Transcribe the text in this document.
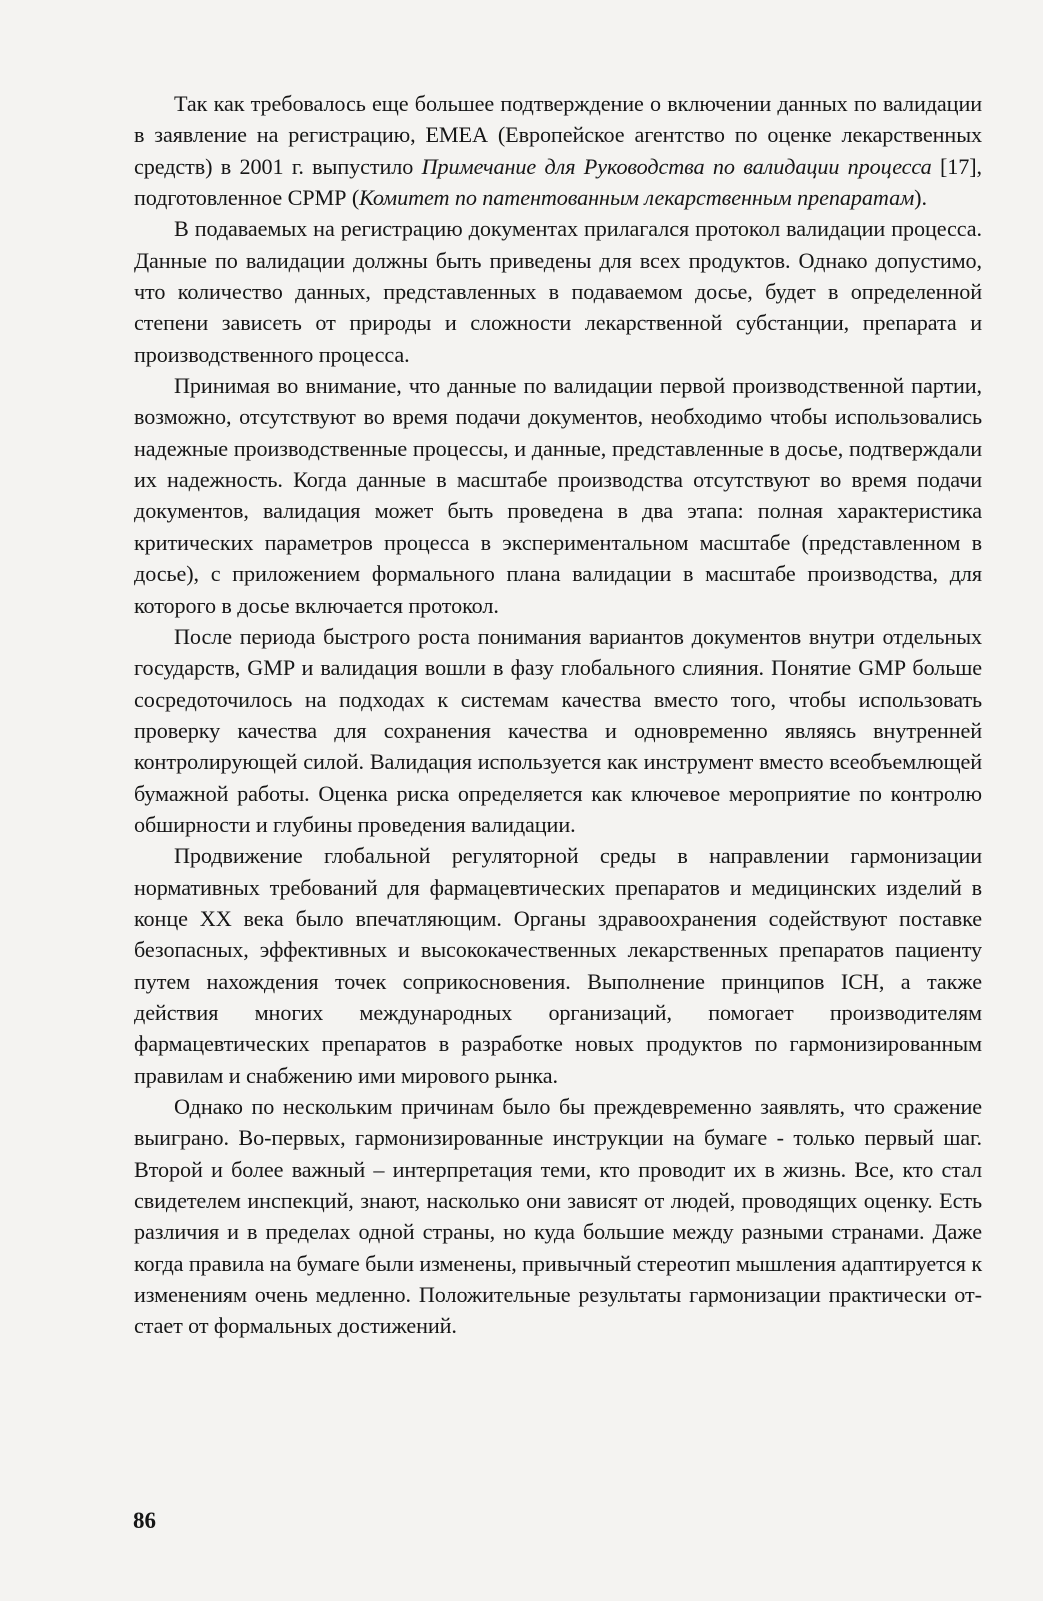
Так как требовалось еще большее подтверждение о включении данных по валидации в заявление на регистрацию, ЕМЕА (Европейское агентство по оценке лекарственных средств) в 2001 г. выпустило Примечание для Руководства по валидации процесса [17], подготовленное СРМР (Комитет по патентованным лекарственным препаратам).

В подаваемых на регистрацию документах прилагался протокол валидации процесса. Данные по валидации должны быть приведены для всех продуктов. Однако допустимо, что количество данных, представленных в подаваемом досье, будет в определенной степени зависеть от природы и сложности лекарственной субстанции, препарата и производственного процесса.

Принимая во внимание, что данные по валидации первой производственной партии, возможно, отсутствуют во время подачи документов, необходимо чтобы использовались надежные производственные процессы, и данные, представленные в досье, подтверждали их надежность. Когда данные в масштабе производства отсутствуют во время подачи документов, валидация может быть проведена в два этапа: полная характеристика критических параметров процесса в экспериментальном масштабе (представленном в досье), с приложением формального плана валидации в масштабе производства, для которого в досье включается протокол.

После периода быстрого роста понимания вариантов документов внутри отдельных государств, GMP и валидация вошли в фазу глобального слияния. Понятие GMP больше сосредоточилось на подходах к системам качества вместо того, чтобы использовать проверку качества для сохранения качества и одновременно являясь внутренней контролирующей силой. Валидация используется как инструмент вместо всеобъемлющей бумажной работы. Оценка риска определяется как ключевое мероприятие по контролю обширности и глубины проведения валидации.

Продвижение глобальной регуляторной среды в направлении гармонизации нормативных требований для фармацевтических препаратов и медицинских изделий в конце XX века было впечатляющим. Органы здравоохранения содействуют поставке безопасных, эффективных и высококачественных лекарственных препаратов пациенту путем нахождения точек соприкосновения. Выполнение принципов ICH, а также действия многих международных организаций, помогает производителям фармацевтических препаратов в разработке новых продуктов по гармонизированным правилам и снабжению ими мирового рынка.

Однако по нескольким причинам было бы преждевременно заявлять, что сражение выиграно. Во-первых, гармонизированные инструкции на бумаге - только первый шаг. Второй и более важный – интерпретация теми, кто проводит их в жизнь. Все, кто стал свидетелем инспекций, знают, насколько они зависят от людей, проводящих оценку. Есть различия и в пределах одной страны, но куда большие между разными странами. Даже когда правила на бумаге были изменены, привычный стереотип мышления адаптируется к изменениям очень медленно. Положительные результаты гармонизации практически отстает от формальных достижений.

86
